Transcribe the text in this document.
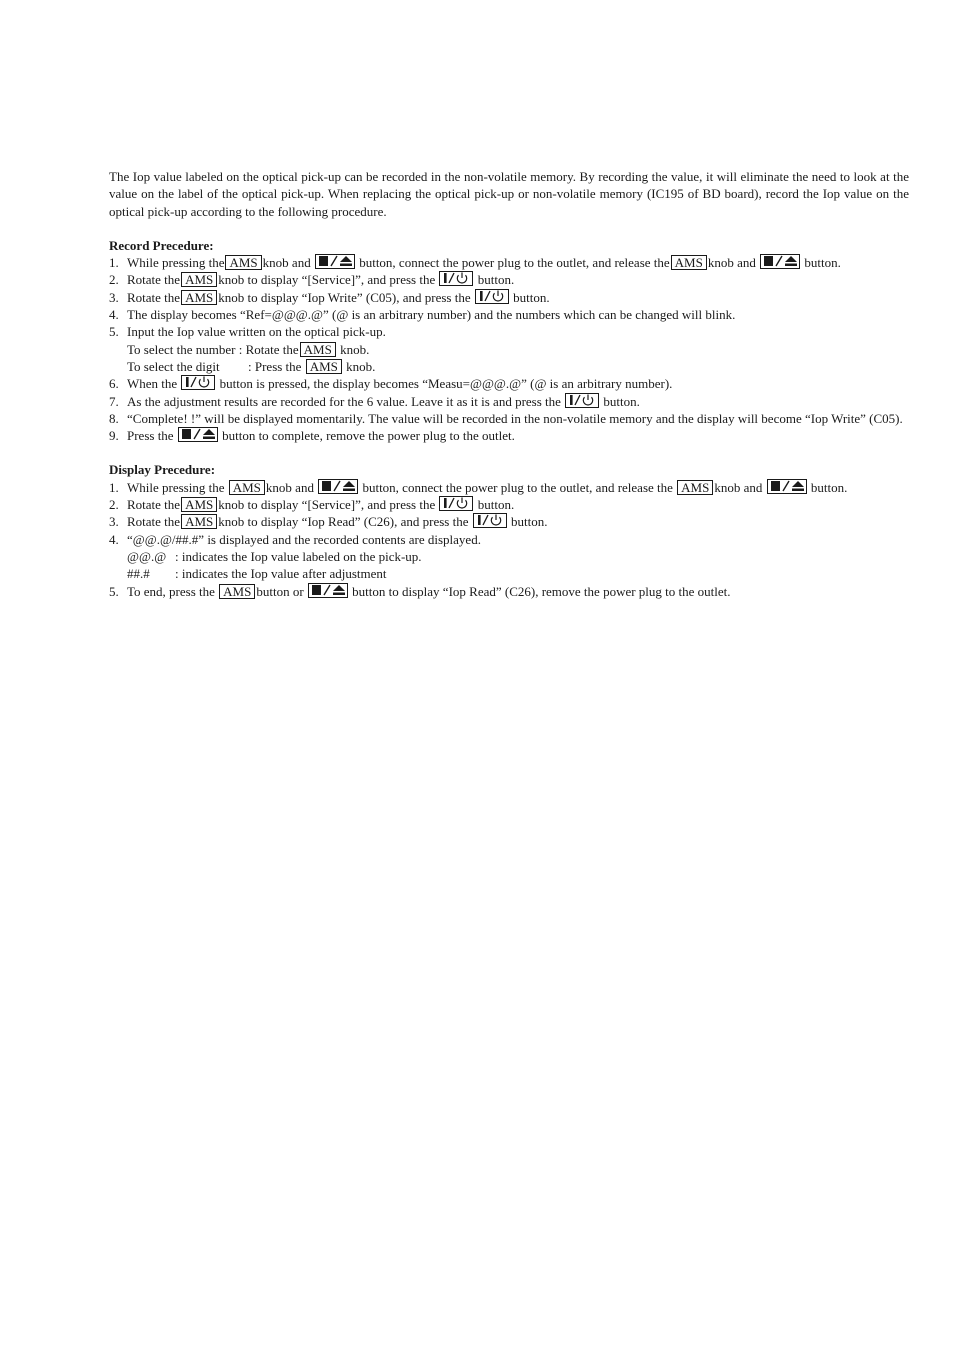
The Iop value labeled on the optical pick-up can be recorded in the non-volatile memory. By recording the value, it will eliminate the need to look at the value on the label of the optical pick-up. When replacing the optical pick-up or non-volatile memory (IC195 of BD board), record the Iop value on the optical pick-up according to the following procedure.

Record Precedure:
1. While pressing the AMS knob and	button, connect the power plug to the outlet, and release the AMS knob and	button.
2. Rotate the AMS knob to display “[Service]”, and press the	button.
3. Rotate the AMS knob to display “Iop Write” (C05), and press the	button.
4. The display becomes “Ref=@@@.@” (@ is an arbitrary number) and the numbers which can be changed will blink.
5. Input the Iop value written on the optical pick-up.
To select the number : Rotate the AMS knob.
To select the digit : Press the AMS knob.
6. When the	button is pressed, the display becomes “Measu=@@@.@” (@ is an arbitrary number).
7. As the adjustment results are recorded for the 6 value. Leave it as it is and press the	button.
8. “Complete! !” will be displayed momentarily. The value will be recorded in the non-volatile memory and the display will become “Iop Write” (C05).
9. Press the	button to complete, remove the power plug to the outlet.
Display Precedure:
1. While pressing the AMS knob and	button, connect the power plug to the outlet, and release the AMS knob and	button.
2. Rotate the AMS knob to display “[Service]”, and press the	button.
3. Rotate the AMS knob to display “Iop Read” (C26), and press the	button.
4. “@@.@/##.#” is displayed and the recorded contents are displayed.
@@.@ : indicates the Iop value labeled on the pick-up.
##.# : indicates the Iop value after adjustment
5. To end, press the AMS button or	button to display “Iop Read” (C26), remove the power plug to the outlet.
